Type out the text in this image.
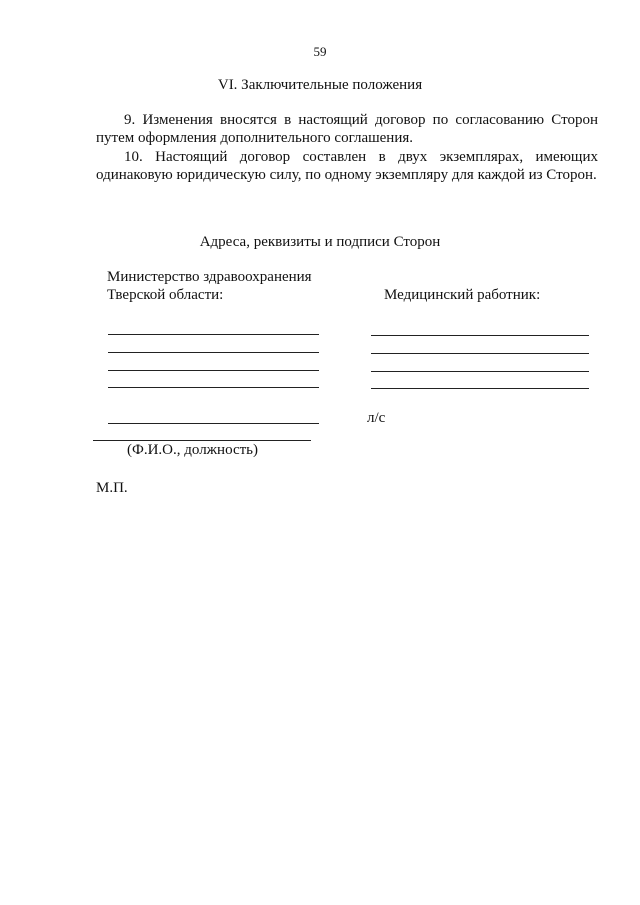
59
VI. Заключительные положения
9. Изменения вносятся в настоящий договор по согласованию Сторон путем оформления дополнительного соглашения.
10. Настоящий договор составлен в двух экземплярах, имеющих одинаковую юридическую силу, по одному экземпляру для каждой из Сторон.
Адреса, реквизиты и подписи Сторон
Министерство здравоохранения Тверской области:	Медицинский работник:
л/с
(Ф.И.О., должность)
М.П.
